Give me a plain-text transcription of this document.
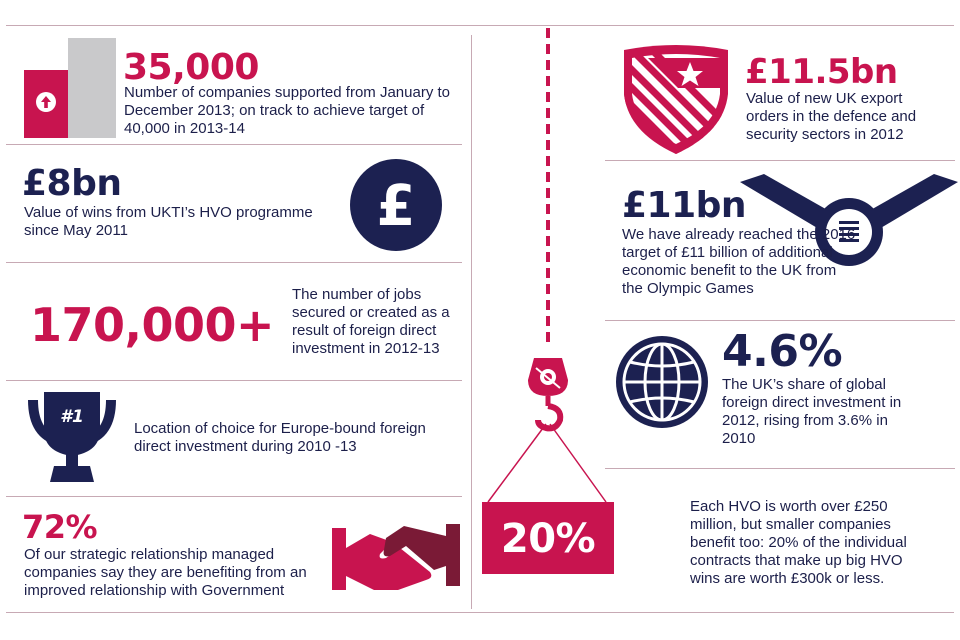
35,000
Number of companies supported from January to December 2013; on track to achieve target of 40,000 in 2013-14
£8bn
Value of wins from UKTI’s HVO programme since May 2011	£
170,000+
The number of jobs secured or created as a result of foreign direct investment in 2012-13
#1
Location of choice for Europe-bound foreign direct investment during 2010 -13
72%
Of our strategic relationship managed companies say they are benefiting from an improved relationship with Government
20%
Each HVO is worth over £250 million, but smaller companies benefit too: 20% of the individual contracts that make up big HVO wins are worth £300k or less.
£11.5bn
Value of new UK export orders in the defence and security sectors in 2012
£11bn
We have already reached the 2016 target of £11 billion of additional economic benefit to the UK from the Olympic Games
4.6%
The UK’s share of global foreign direct investment in 2012, rising from 3.6% in 2010
